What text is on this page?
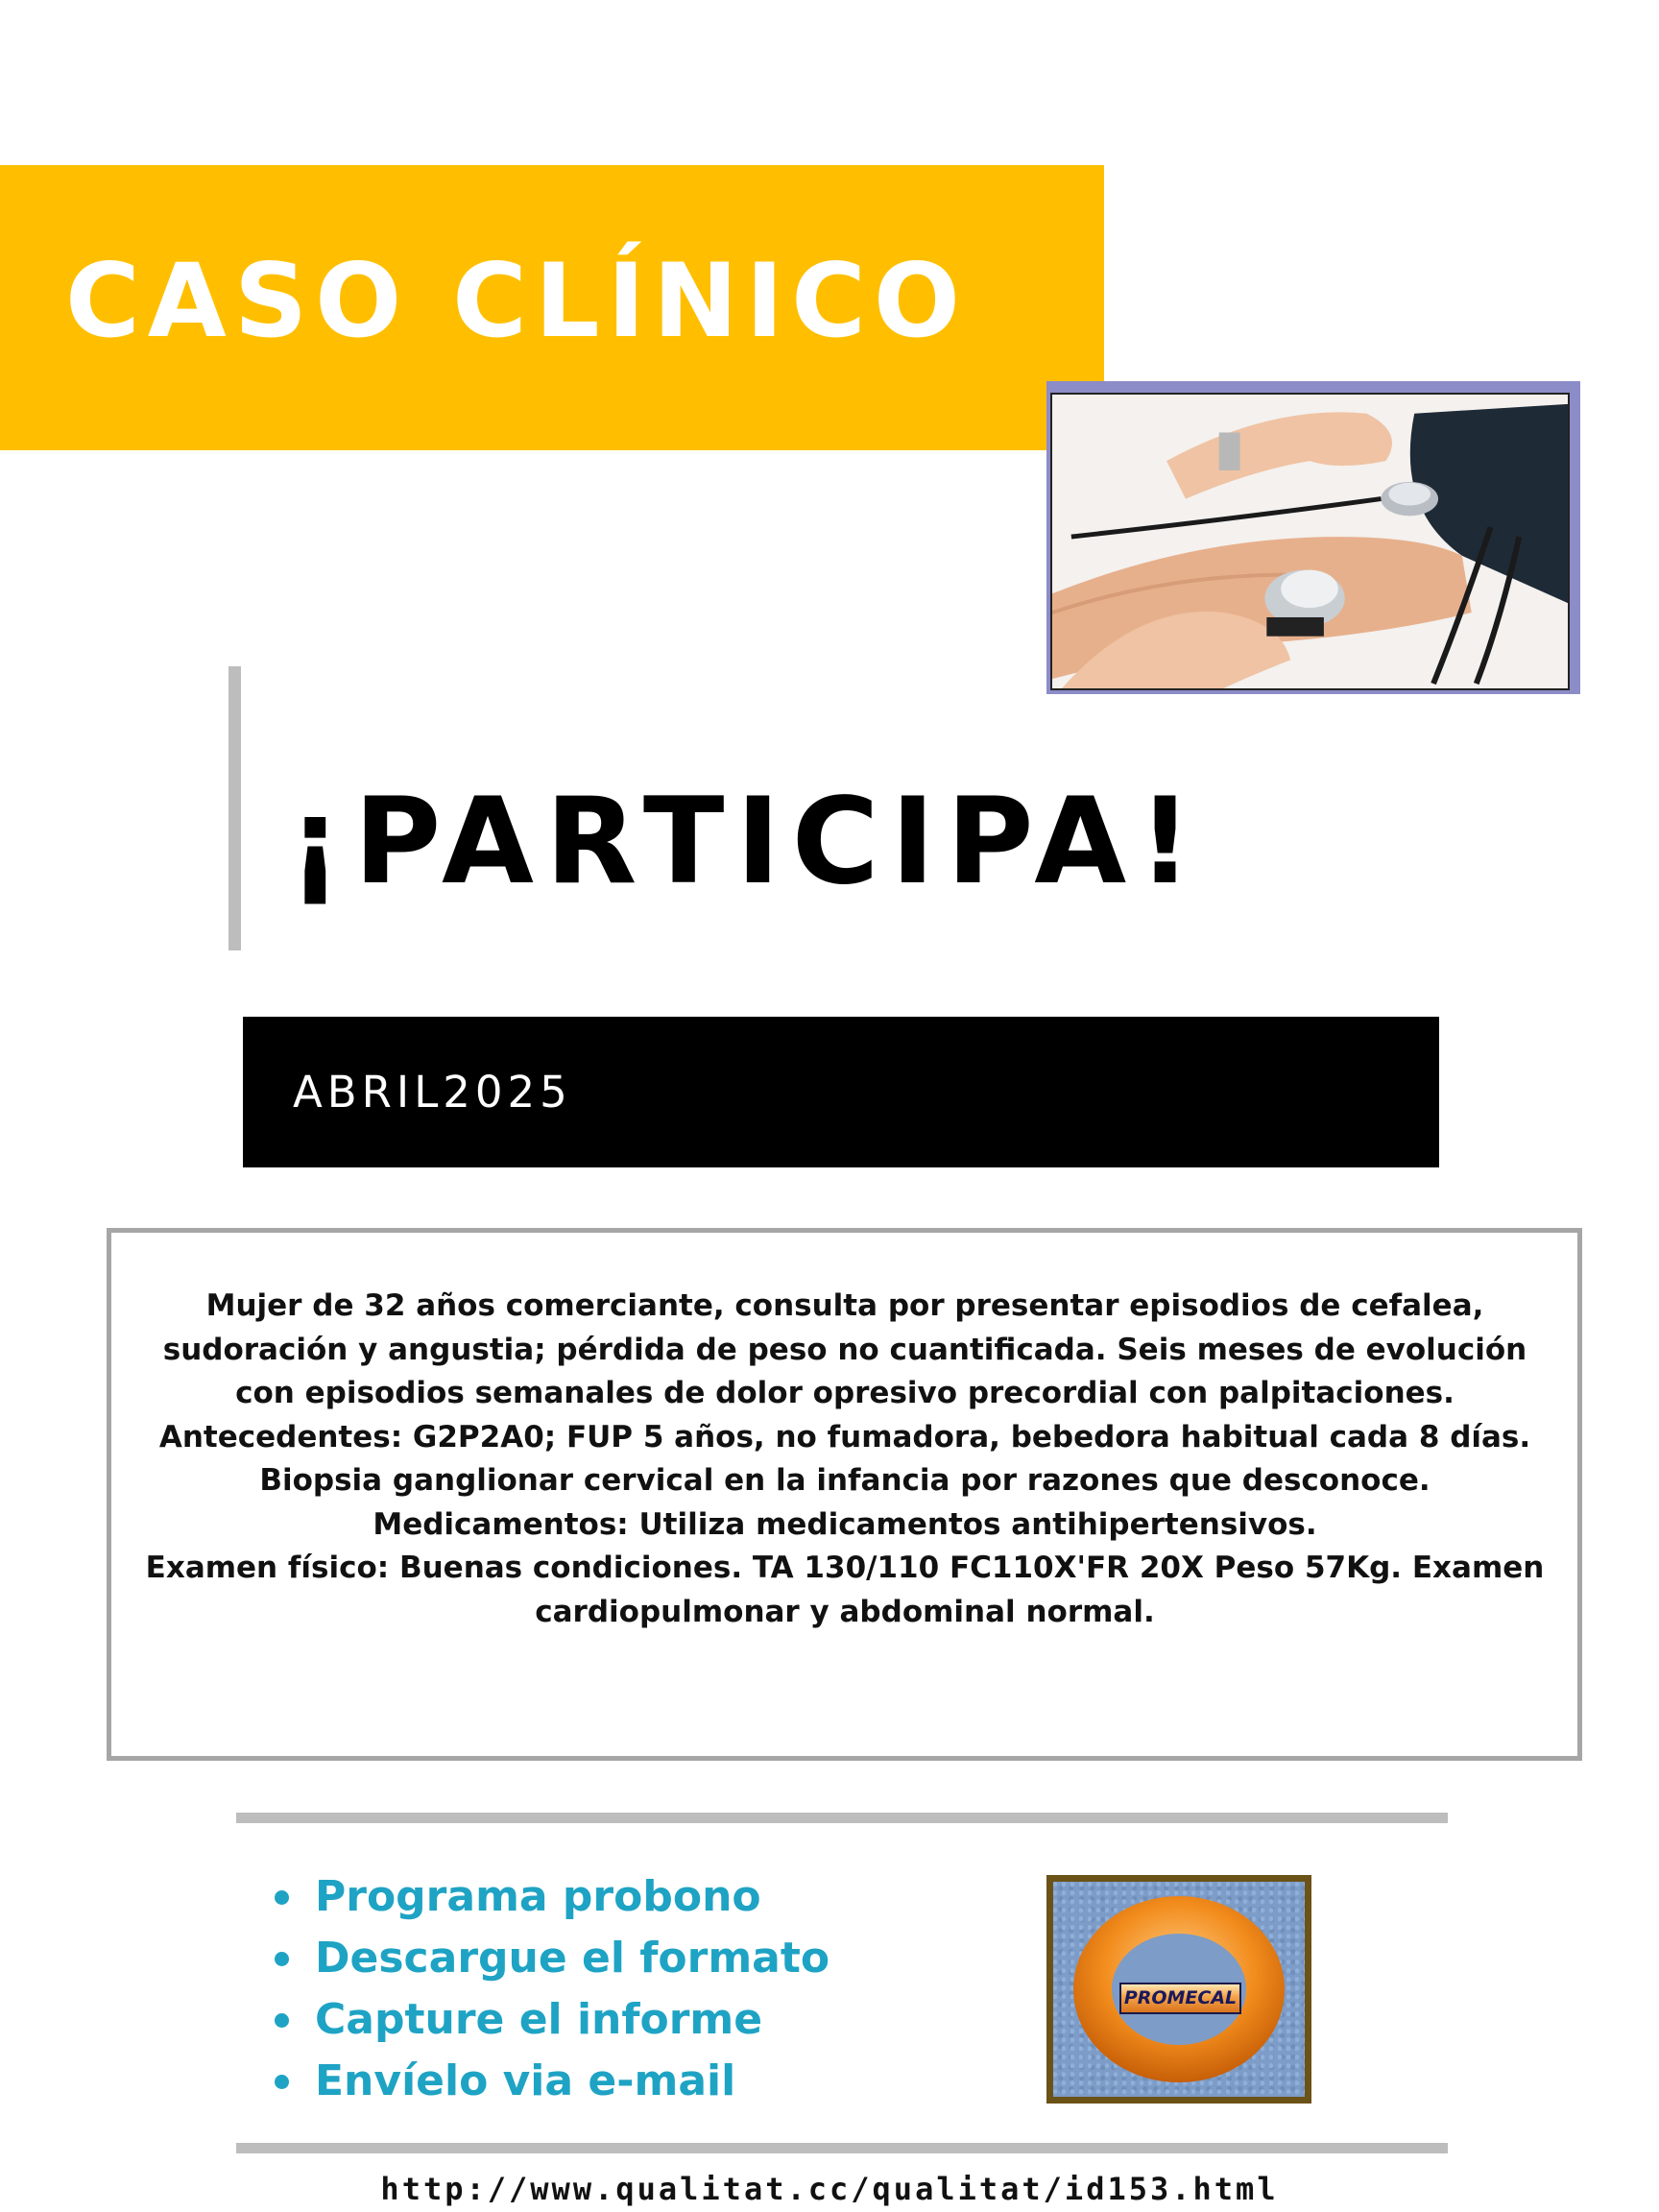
CASO CLÍNICO
¡PARTICIPA!
ABRIL2025

Mujer de 32 años comerciante, consulta por presentar episodios de cefalea, sudoración y angustia; pérdida de peso no cuantificada. Seis meses de evolución con episodios semanales de dolor opresivo precordial con palpitaciones.

Antecedentes: G2P2A0; FUP 5 años, no fumadora, bebedora habitual cada 8 días. Biopsia ganglionar cervical en la infancia por razones que desconoce.

Medicamentos: Utiliza medicamentos antihipertensivos.

Examen físico: Buenas condiciones. TA 130/110 FC110X'FR 20X Peso 57Kg. Examen cardiopulmonar y abdominal normal.

Programa probono
Descargue el formato
Capture el informe
Envíelo via e-mail
PROMECAL
http://www.qualitat.cc/qualitat/id153.html
